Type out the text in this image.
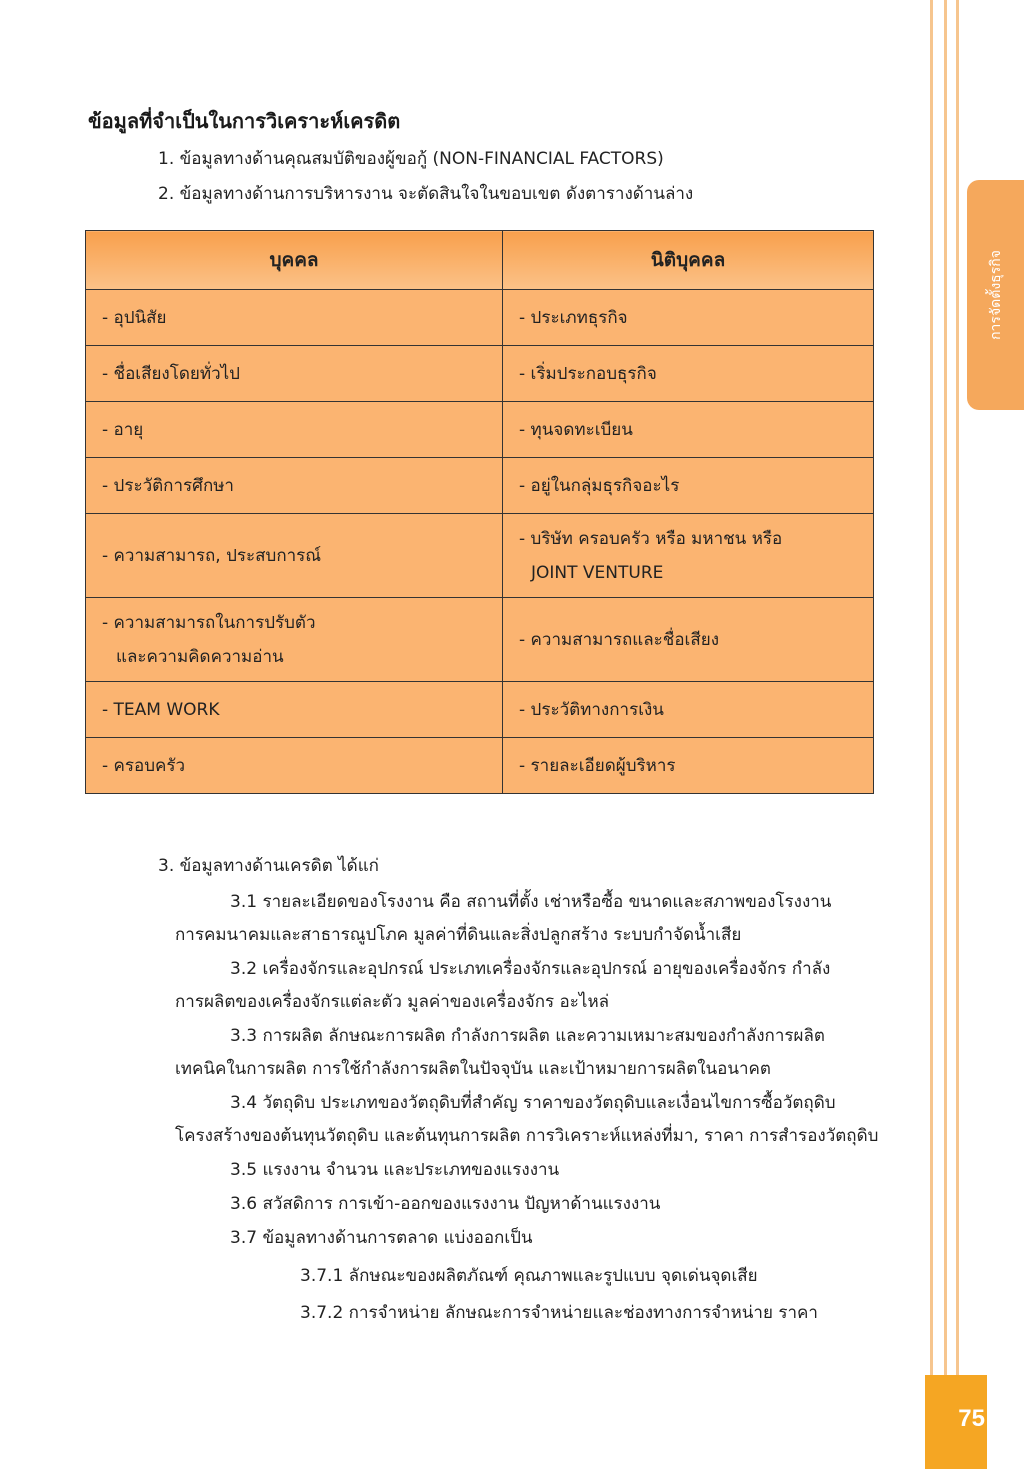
การจัดตั้งธุรกิจ
75
ข้อมูลที่จำเป็นในการวิเคราะห์เครดิต
1. ข้อมูลทางด้านคุณสมบัติของผู้ขอกู้ (NON-FINANCIAL FACTORS)
2. ข้อมูลทางด้านการบริหารงาน จะตัดสินใจในขอบเขต ดังตารางด้านล่าง
บุคคล	นิติบุคคล
- อุปนิสัย	- ประเภทธุรกิจ
- ชื่อเสียงโดยทั่วไป	- เริ่มประกอบธุรกิจ
- อายุ	- ทุนจดทะเบียน
- ประวัติการศึกษา	- อยู่ในกลุ่มธุรกิจอะไร
- ความสามารถ, ประสบการณ์	- บริษัท ครอบครัว หรือ มหาชน หรือ
JOINT VENTURE

- ความสามารถในการปรับตัว
และความคิดความอ่าน	- ความสามารถและชื่อเสียง
- TEAM WORK	- ประวัติทางการเงิน
- ครอบครัว	- รายละเอียดผู้บริหาร
3. ข้อมูลทางด้านเครดิต ได้แก่
3.1 รายละเอียดของโรงงาน คือ สถานที่ตั้ง เช่าหรือซื้อ ขนาดและสภาพของโรงงาน
การคมนาคมและสาธารณูปโภค มูลค่าที่ดินและสิ่งปลูกสร้าง ระบบกำจัดน้ำเสีย
3.2 เครื่องจักรและอุปกรณ์ ประเภทเครื่องจักรและอุปกรณ์ อายุของเครื่องจักร กำลัง
การผลิตของเครื่องจักรแต่ละตัว มูลค่าของเครื่องจักร อะไหล่
3.3 การผลิต ลักษณะการผลิต กำลังการผลิต และความเหมาะสมของกำลังการผลิต
เทคนิคในการผลิต การใช้กำลังการผลิตในปัจจุบัน และเป้าหมายการผลิตในอนาคต
3.4 วัตถุดิบ ประเภทของวัตถุดิบที่สำคัญ ราคาของวัตถุดิบและเงื่อนไขการซื้อวัตถุดิบ
โครงสร้างของต้นทุนวัตถุดิบ และต้นทุนการผลิต การวิเคราะห์แหล่งที่มา, ราคา การสำรองวัตถุดิบ
3.5 แรงงาน จำนวน และประเภทของแรงงาน
3.6 สวัสดิการ การเข้า-ออกของแรงงาน ปัญหาด้านแรงงาน
3.7 ข้อมูลทางด้านการตลาด แบ่งออกเป็น
3.7.1 ลักษณะของผลิตภัณฑ์ คุณภาพและรูปแบบ จุดเด่นจุดเสีย
3.7.2 การจำหน่าย ลักษณะการจำหน่ายและช่องทางการจำหน่าย ราคา
